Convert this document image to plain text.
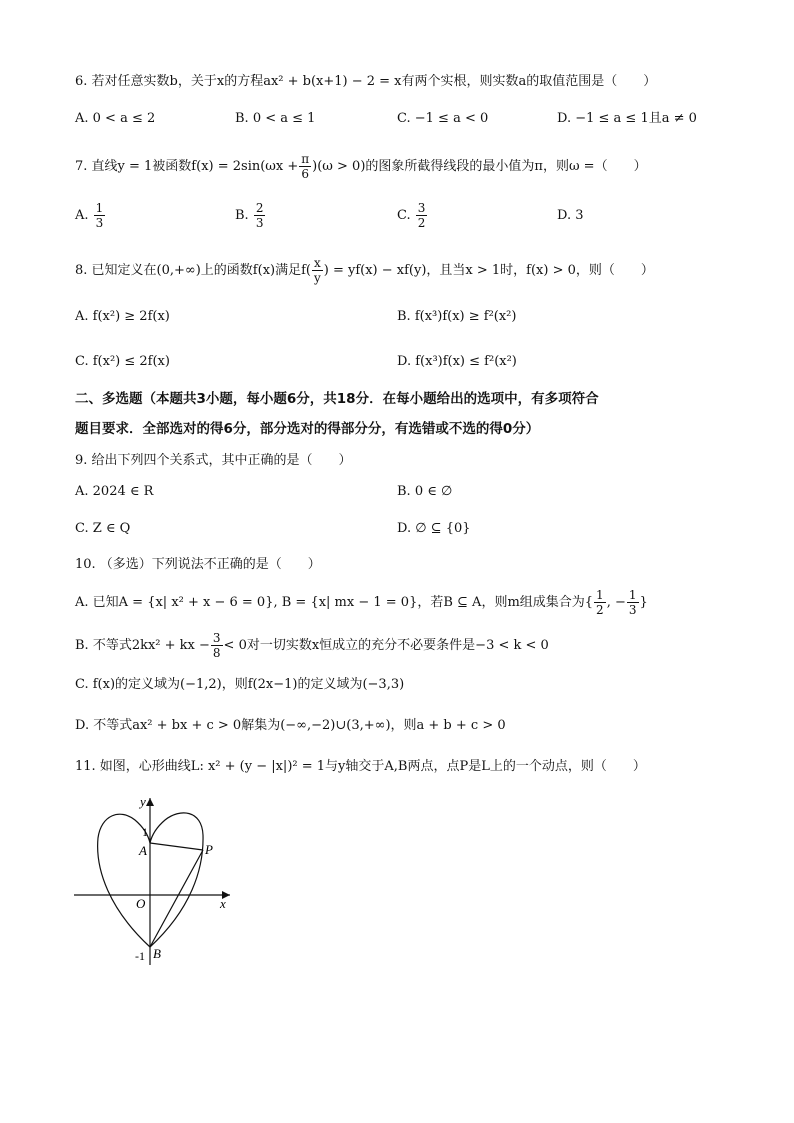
6. 若对任意实数b，关于x的方程ax² + b(x+1) − 2 = x有两个实根，则实数a的取值范围是（　　）
A. 0 < a ≤ 2	B. 0 < a ≤ 1	C. −1 ≤ a < 0	D. −1 ≤ a ≤ 1且a ≠ 0
7. 直线y = 1被函数$f(x) = 2\sin(\omega x + \frac{\pi}{6} )(\omega > 0)$的图象所截得线段的最小值为π，则ω =（　　）
A. $\frac{1}{3}$	B. $\frac{2}{3}$	C. $\frac{3}{2}$	D. 3
8. 已知定义在(0,+∞)上的函数f(x)满足$f( \frac{x}{y}$ ) = yf(x) − xf(y)，且当x > 1时，f(x) > 0，则（　　）
A. f(x²) ≥ 2f(x)	B. f(x³)f(x) ≥ f²(x²)
C. f(x²) ≤ 2f(x)	D. f(x³)f(x) ≤ f²(x²)
二、多选题（本题共3小题，每小题6分，共18分．在每小题给出的选项中，有多项符合
题目要求．全部选对的得6分，部分选对的得部分分，有选错或不选的得0分）
9. 给出下列四个关系式，其中正确的是（　　）
A. 2024 ∈ R	B. 0 ∈ ∅
C. Z ∈ Q	D. ∅ ⊆ {0}
10. （多选）下列说法不正确的是（　　）
A. 已知A = {x| x² + x − 6 = 0}, B = {x| mx − 1 = 0}，若B ⊆ A，则m组成集合为{ $\frac{1}{2}$ , − $\frac{1}{3}$ }
B. 不等式2kx² + kx − $\frac{3}{8} < 0$对一切实数x恒成立的充分不必要条件是−3 < k < 0
C. f(x)的定义域为(−1,2)，则f(2x−1)的定义域为(−3,3)
D. 不等式ax² + bx + c > 0解集为(−∞,−2)∪(3,+∞)，则a + b + c > 0
11. 如图，心形曲线L: x² + (y − |x|)² = 1与y轴交于A,B两点，点P是L上的一个动点，则（　　）
y
x
O
A
B
P
1
-1
